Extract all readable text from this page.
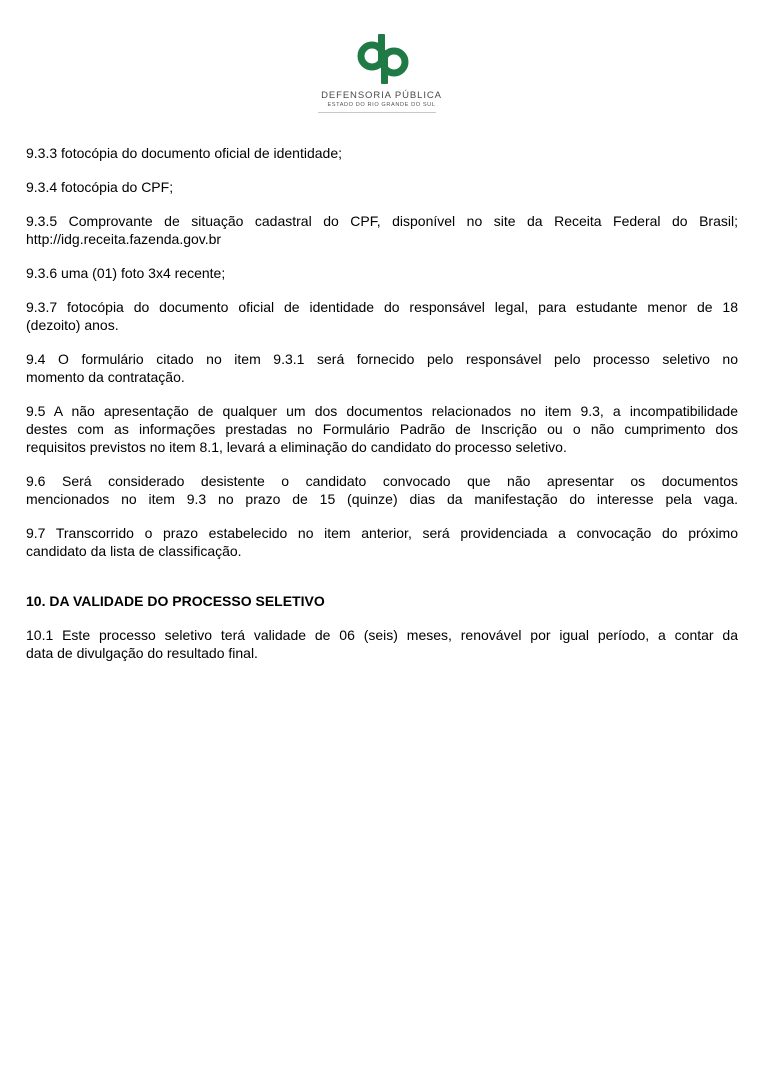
DEFENSORIA PÚBLICA
ESTADO DO RIO GRANDE DO SUL
9.3.3 fotocópia do documento oficial de identidade;
9.3.4 fotocópia do CPF;
9.3.5 Comprovante de situação cadastral do CPF, disponível no site da Receita Federal do Brasil;
http://idg.receita.fazenda.gov.br
9.3.6 uma (01) foto 3x4 recente;
9.3.7 fotocópia do documento oficial de identidade do responsável legal, para estudante menor de 18
(dezoito) anos.
9.4 O formulário citado no item 9.3.1 será fornecido pelo responsável pelo processo seletivo no
momento da contratação.
9.5 A não apresentação de qualquer um dos documentos relacionados no item 9.3, a incompatibilidade
destes com as informações prestadas no Formulário Padrão de Inscrição ou o não cumprimento dos
requisitos previstos no item 8.1, levará a eliminação do candidato do processo seletivo.
9.6 Será considerado desistente o candidato convocado que não apresentar os documentos
mencionados no item 9.3 no prazo de 15 (quinze) dias da manifestação do interesse pela vaga.
9.7 Transcorrido o prazo estabelecido no item anterior, será providenciada a convocação do próximo
candidato da lista de classificação.
10. DA VALIDADE DO PROCESSO SELETIVO
10.1 Este processo seletivo terá validade de 06 (seis) meses, renovável por igual período, a contar da
data de divulgação do resultado final.
